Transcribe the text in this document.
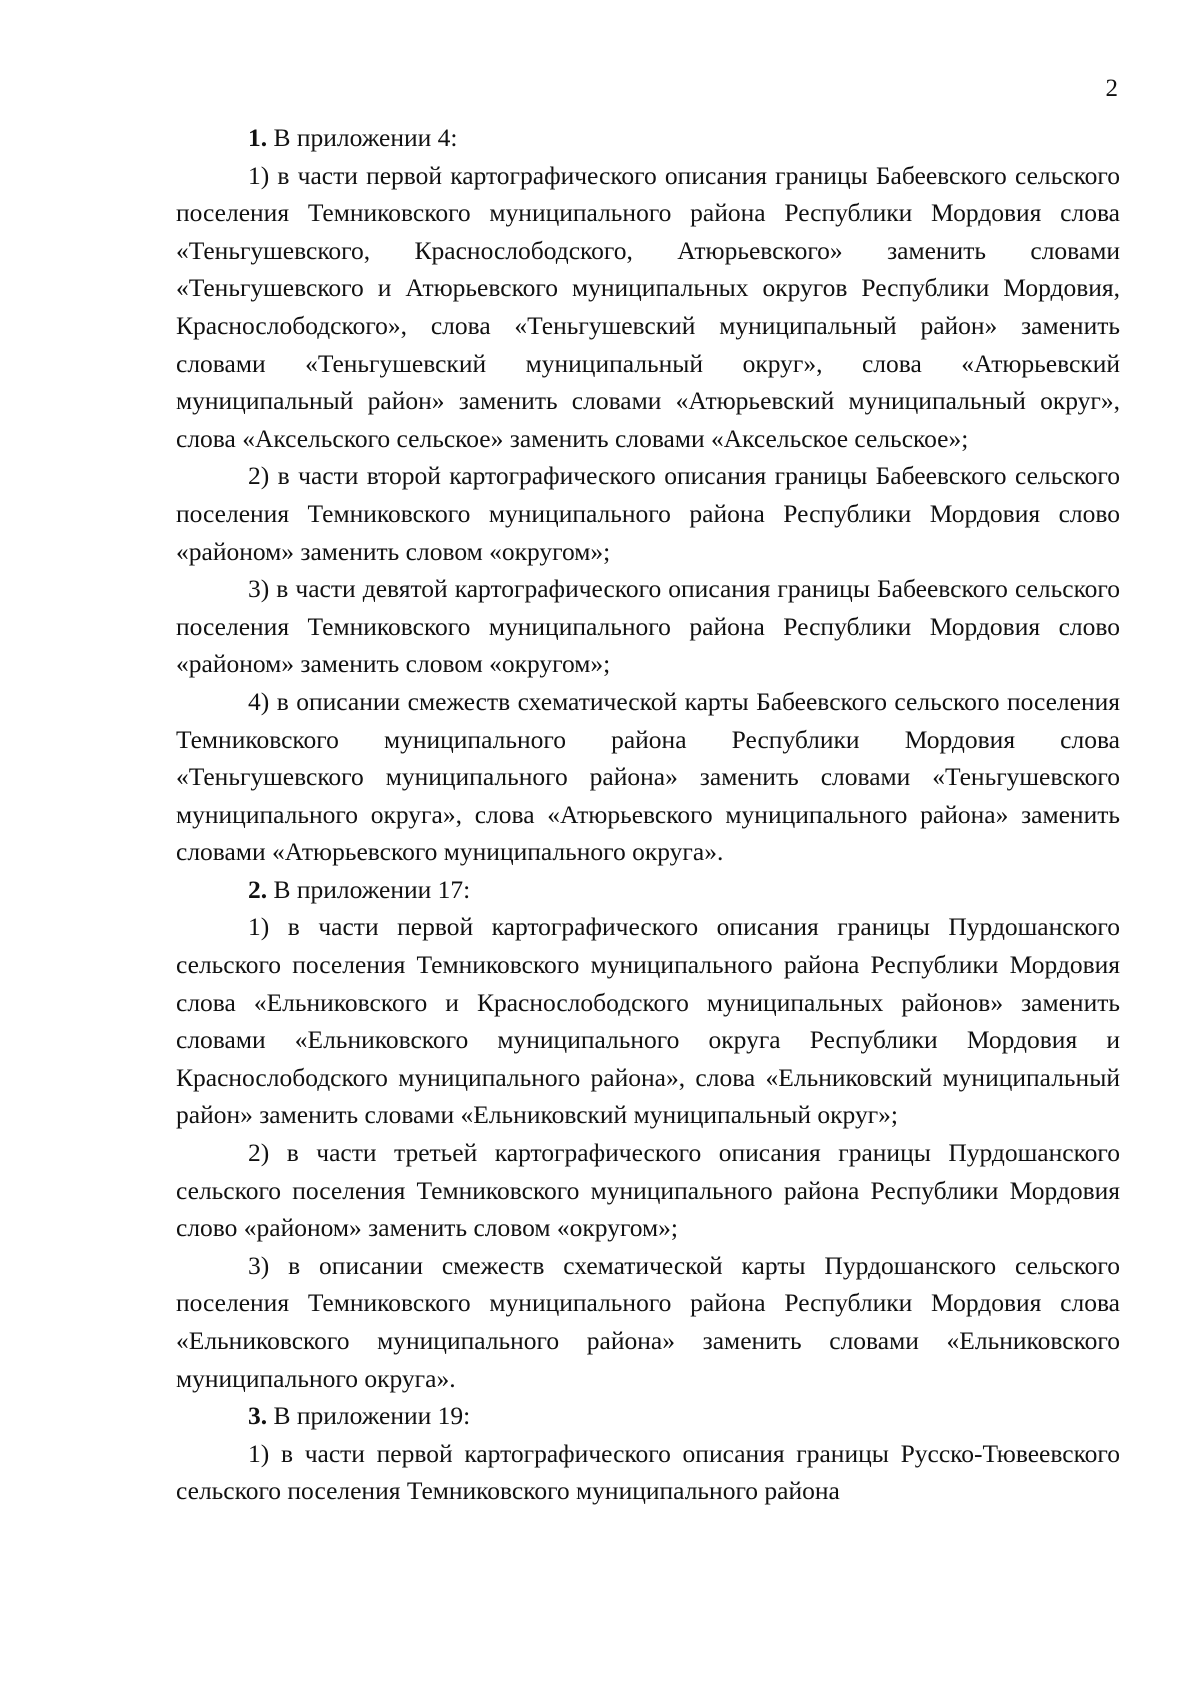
2

1. В приложении 4:

1) в части первой картографического описания границы Бабеевского сельского поселения Темниковского муниципального района Республики Мордовия слова «Теньгушевского, Краснослободского, Атюрьевского» заменить словами «Теньгушевского и Атюрьевского муниципальных округов Республики Мордовия, Краснослободского», слова «Теньгушевский муниципальный район» заменить словами «Теньгушевский муниципальный округ», слова «Атюрьевский муниципальный район» заменить словами «Атюрьевский муниципальный округ», слова «Аксельского сельское» заменить словами «Аксельское сельское»;

2) в части второй картографического описания границы Бабеевского сельского поселения Темниковского муниципального района Республики Мордовия слово «районом» заменить словом «округом»;

3) в части девятой картографического описания границы Бабеевского сельского поселения Темниковского муниципального района Республики Мордовия слово «районом» заменить словом «округом»;

4) в описании смежеств схематической карты Бабеевского сельского поселения Темниковского муниципального района Республики Мордовия слова «Теньгушевского муниципального района» заменить словами «Теньгушевского муниципального округа», слова «Атюрьевского муниципального района» заменить словами «Атюрьевского муниципального округа».

2. В приложении 17:

1) в части первой картографического описания границы Пурдошанского сельского поселения Темниковского муниципального района Республики Мордовия слова «Ельниковского и Краснослободского муниципальных районов» заменить словами «Ельниковского муниципального округа Республики Мордовия и Краснослободского муниципального района», слова «Ельниковский муниципальный район» заменить словами «Ельниковский муниципальный округ»;

2) в части третьей картографического описания границы Пурдошанского сельского поселения Темниковского муниципального района Республики Мордовия слово «районом» заменить словом «округом»;

3) в описании смежеств схематической карты Пурдошанского сельского поселения Темниковского муниципального района Республики Мордовия слова «Ельниковского муниципального района» заменить словами «Ельниковского муниципального округа».

3. В приложении 19:

1) в части первой картографического описания границы Русско-Тювеевского сельского поселения Темниковского муниципального района
